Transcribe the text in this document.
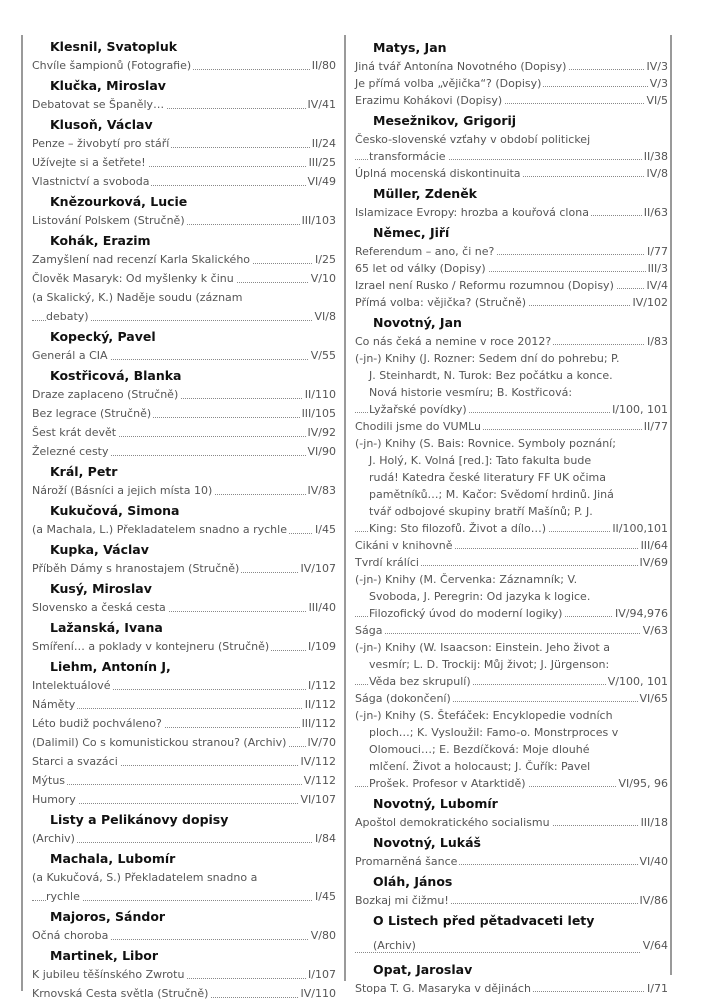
Klesnil, Svatopluk
Chvíle šampionů (Fotografie)	II/80
Klučka, Miroslav
Debatovat se Španěly…	IV/41
Klusoň, Václav
Penze – živobytí pro stáří	II/24
Užívejte si a šetřete!	III/25
Vlastnictví a svoboda	VI/49
Knězourková, Lucie
Listování Polskem (Stručně)	III/103
Kohák, Erazim
Zamyšlení nad recenzí Karla Skalického	I/25
Člověk Masaryk: Od myšlenky k činu	V/10
(a Skalický, K.) Naděje soudu (záznam debaty)	VI/8
Kopecký, Pavel
Generál a CIA	V/55
Kostřicová, Blanka
Draze zaplaceno (Stručně)	II/110
Bez legrace (Stručně)	III/105
Šest krát devět	IV/92
Železné cesty	VI/90
Král, Petr
Nároží (Básníci a jejich místa 10)	IV/83
Kukučová, Simona
(a Machala, L.) Překladatelem snadno a rychle	I/45
Kupka, Václav
Příběh Dámy s hranostajem (Stručně)	IV/107
Kusý, Miroslav
Slovensko a česká cesta	III/40
Lažanská, Ivana
Smíření… a poklady v kontejneru (Stručně)	I/109
Liehm, Antonín J,
Intelektuálové	I/112
Náměty	II/112
Léto budiž pochváleno?	III/112
(Dalimil) Co s komunistickou stranou? (Archiv) IV/70
Starci a svazáci	IV/112
Mýtus	V/112
Humory	VI/107
Listy a Pelikánovy dopisy
(Archiv)	I/84
Machala, Lubomír
(a Kukučová, S.) Překladatelem snadno a rychle	I/45
Majoros, Sándor
Očná choroba	V/80
Martinek, Libor
K jubileu těšínského Zwrotu	I/107
Krnovská Cesta světla (Stručně)	IV/110
Matys, Jan
Jiná tvář Antonína Novotného (Dopisy)	IV/3
Je přímá volba „vějička“? (Dopisy)	V/3
Erazimu Kohákovi (Dopisy)	VI/5
Mesežnikov, Grigorij
Česko-slovenské vzťahy v období politickej transformácie	II/38
Úplná mocenská diskontinuita	IV/8
Müller, Zdeněk
Islamizace Evropy: hrozba a kouřová clona	II/63
Němec, Jiří
Referendum – ano, či ne?	I/77
65 let od války (Dopisy)	III/3
Izrael není Rusko / Reformu rozumnou (Dopisy)	IV/4
Přímá volba: vějička? (Stručně)	IV/102
Novotný, Jan
Co nás čeká a nemine v roce 2012?	I/83
(-jn-) Knihy (J. Rozner: Sedem dní do pohrebu; P. J. Steinhardt, N. Turok: Bez počátku a konce. Nová historie vesmíru; B. Kostřicová: Lyžařské povídky)	I/100, 101
Chodili jsme do VUMLu	II/77
(-jn-) Knihy (S. Bais: Rovnice. Symboly poznání; J. Holý, K. Volná [red.]: Tato fakulta bude rudá! Katedra české literatury FF UK očima pamětníků…; M. Kačor: Svědomí hrdinů. Jiná tvář odbojové skupiny bratří Mašínů; P. J. King: Sto filozofů. Život a dílo…)	II/100,101
Cikáni v knihovně	III/64
Tvrdí králíci	IV/69
(-jn-) Knihy (M. Červenka: Záznamník; V. Svoboda, J. Peregrin: Od jazyka k logice. Filozofický úvod do moderní logiky)	IV/94,976
Sága	V/63
(-jn-) Knihy (W. Isaacson: Einstein. Jeho život a vesmír; L. D. Trockij: Můj život; J. Jürgenson: Věda bez skrupulí)	V/100, 101
Sága (dokončení)	VI/65
(-jn-) Knihy (S. Štefáček: Encyklopedie vodních ploch…; K. Vysloužil: Famo-o. Monstrproces v Olomouci…; E. Bezdíčková: Moje dlouhé mlčení. Život a holocaust; J. Čuřík: Pavel Prošek. Profesor v Atarktidě)	VI/95, 96
Novotný, Lubomír
Apoštol demokratického socialismu	III/18
Novotný, Lukáš
Promarněná šance	VI/40
Oláh, János
Bozkaj mi čižmu!	IV/86
O Listech před pětadvaceti lety (Archiv)	V/64
Opat, Jaroslav
Stopa T. G. Masaryka v dějinách	I/71
